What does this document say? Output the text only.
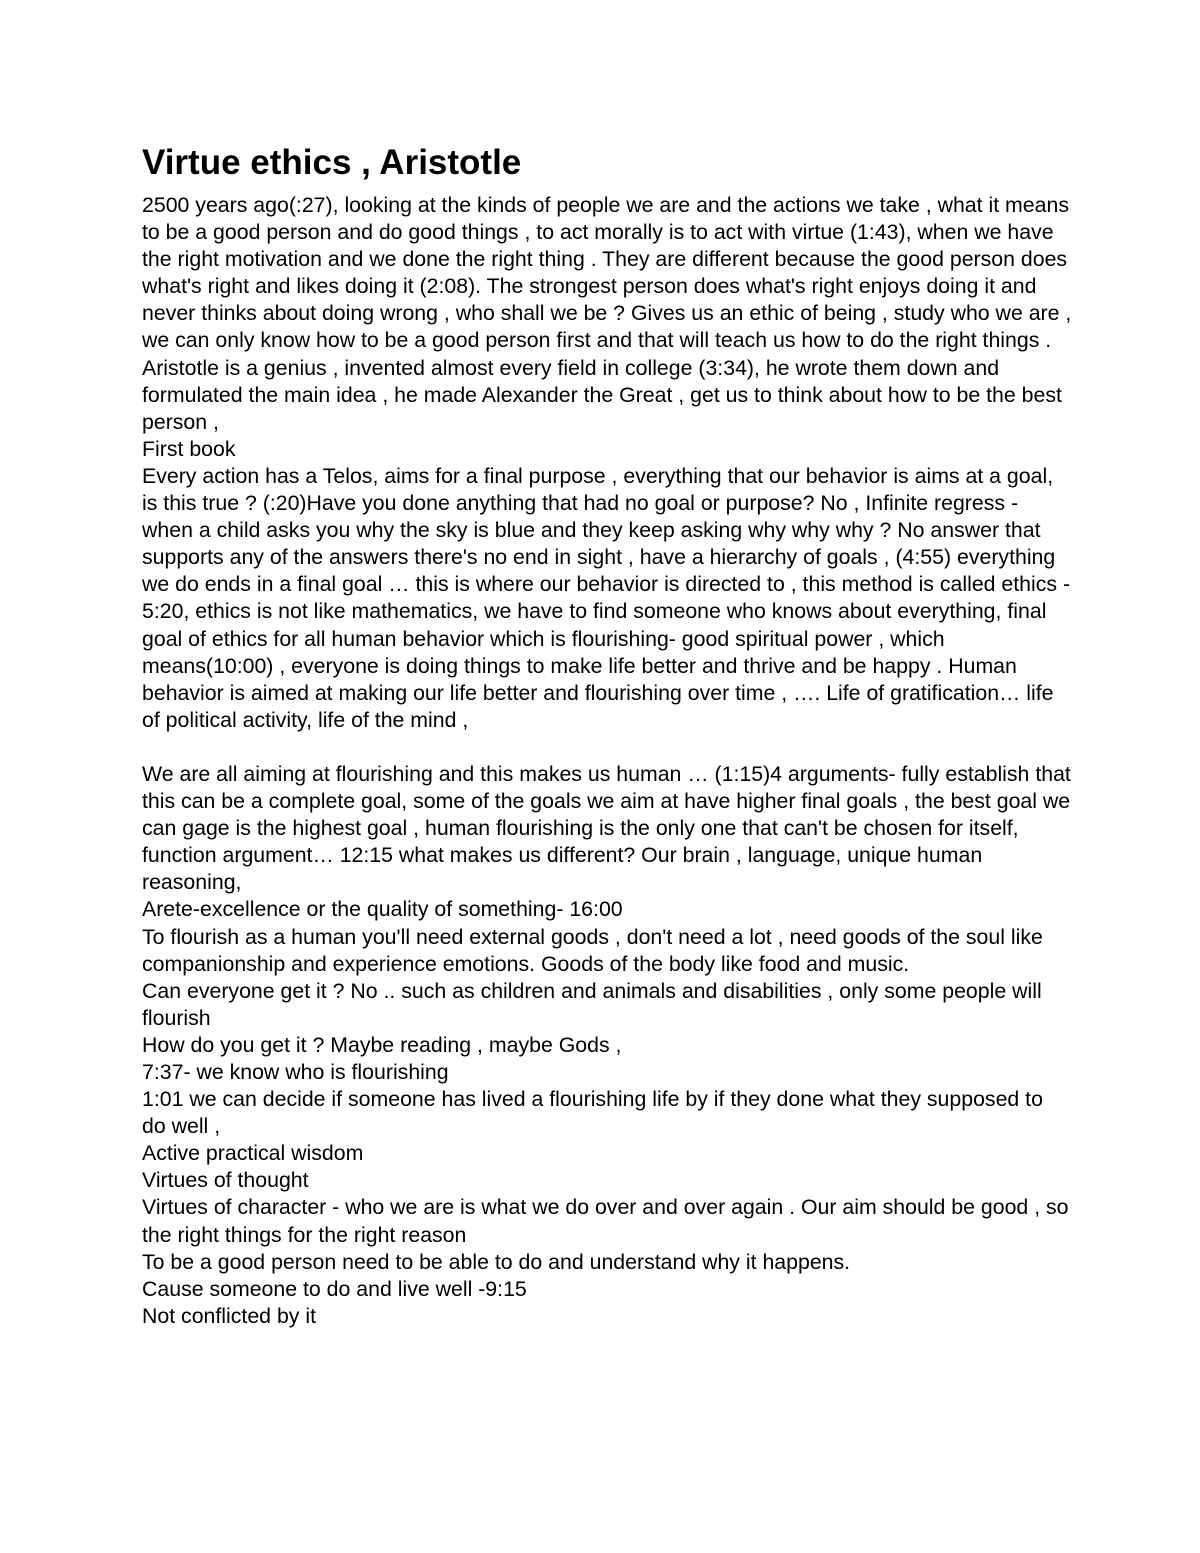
Virtue ethics , Aristotle

2500 years ago(:27), looking at the kinds of people we are and the actions we take , what it means to be a good person and do good things , to act morally is to act with virtue (1:43), when we have the right motivation and we done the right thing . They are different because the good person does what's right and likes doing it (2:08). The strongest person does what's right enjoys doing it and never thinks about doing wrong , who shall we be ? Gives us an ethic of being , study who we are , we can only know how to be a good person first and that will teach us how to do the right things . Aristotle is a genius , invented almost every field in college (3:34), he wrote them down and formulated the main idea , he made Alexander the Great , get us to think about how to be the best person ,

First book

Every action has a Telos, aims for a final purpose , everything that our behavior is aims at a goal, is this true ? (:20)Have you done anything that had no goal or purpose? No , Infinite regress - when a child asks you why the sky is blue and they keep asking why why why ? No answer that supports any of the answers there's no end in sight , have a hierarchy of goals , (4:55) everything we do ends in a final goal … this is where our behavior is directed to , this method is called ethics - 5:20, ethics is not like mathematics, we have to find someone who knows about everything, final goal of ethics for all human behavior which is flourishing- good spiritual power , which means(10:00) , everyone is doing things to make life better and thrive and be happy . Human behavior is aimed at making our life better and flourishing over time , …. Life of gratification… life of political activity, life of the mind ,

We are all aiming at flourishing and this makes us human … (1:15)4 arguments- fully establish that this can be a complete goal, some of the goals we aim at have higher final goals , the best goal we can gage is the highest goal , human flourishing is the only one that can't be chosen for itself, function argument… 12:15 what makes us different? Our brain , language, unique human reasoning,

Arete-excellence or the quality of something- 16:00

To flourish as a human you'll need external goods , don't need a lot , need goods of the soul like companionship and experience emotions. Goods of the body like food and music.

Can everyone get it ? No .. such as children and animals and disabilities , only some people will flourish

How do you get it ? Maybe reading , maybe Gods ,

7:37- we know who is flourishing

1:01 we can decide if someone has lived a flourishing life by if they done what they supposed to do well ,

Active practical wisdom

Virtues of thought

Virtues of character - who we are is what we do over and over again . Our aim should be good , so the right things for the right reason

To be a good person need to be able to do and understand why it happens.

Cause someone to do and live well -9:15

Not conflicted by it
